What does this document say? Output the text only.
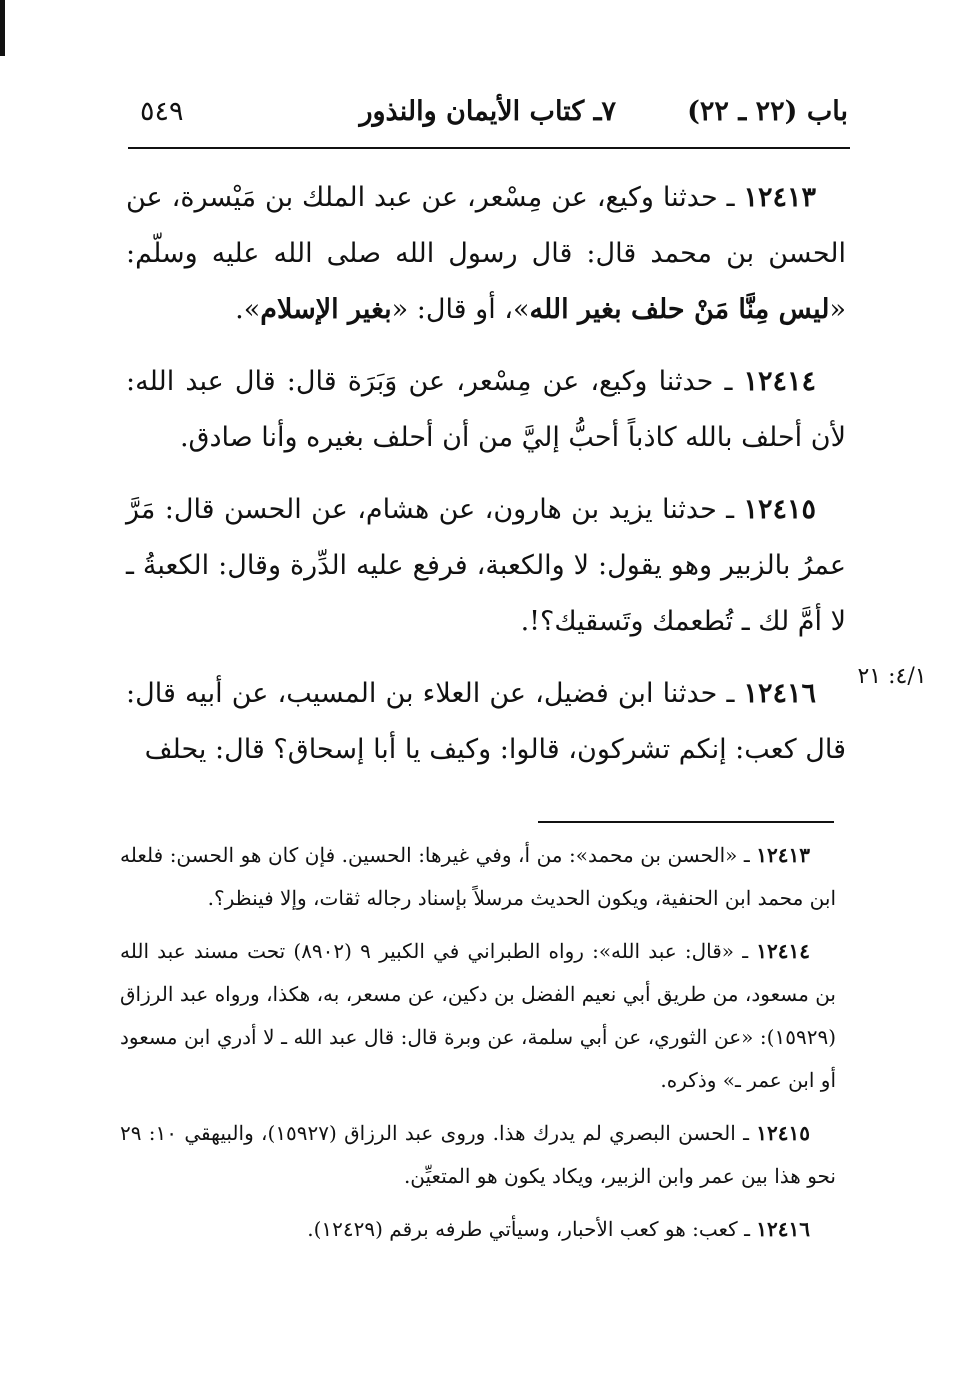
باب (٢٢ ـ ٢٢)
٧ـ كتاب الأيمان والنذور
٥٤٩

١٢٤١٣ ـ حدثنا وكيع، عن مِسْعر، عن عبد الملك بن مَيْسرة، عن الحسن بن محمد قال: قال رسول الله صلى الله عليه وسلّم: «ليس مِنَّا مَنْ حلف بغير الله»، أو قال: «بغير الإسلام».

١٢٤١٤ ـ حدثنا وكيع، عن مِسْعر، عن وَبَرَة قال: قال عبد الله: لأن أحلف بالله كاذباً أحبُّ إليَّ من أن أحلف بغيره وأنا صادق.

١٢٤١٥ ـ حدثنا يزيد بن هارون، عن هشام، عن الحسن قال: مَرَّ عمرُ بالزبير وهو يقول: لا والكعبة، فرفع عليه الدِّرة وقال: الكعبةُ ـ لا أمَّ لك ـ تُطعمك وتَسقيك؟!.

١٢٤١٦ ـ حدثنا ابن فضيل، عن العلاء بن المسيب، عن أبيه قال: قال كعب: إنكم تشركون، قالوا: وكيف يا أبا إسحاق؟ قال: يحلف

٤/١: ٢١

١٢٤١٣ ـ «الحسن بن محمد»: من أ، وفي غيرها: الحسين. فإن كان هو الحسن: فلعله ابن محمد ابن الحنفية، ويكون الحديث مرسلاً بإسناد رجاله ثقات، وإلا فينظر؟.

١٢٤١٤ ـ «قال: عبد الله»: رواه الطبراني في الكبير ٩ (٨٩٠٢) تحت مسند عبد الله بن مسعود، من طريق أبي نعيم الفضل بن دكين، عن مسعر، به، هكذا، ورواه عبد الرزاق (١٥٩٢٩): «عن الثوري، عن أبي سلمة، عن وبرة قال: قال عبد الله ـ لا أدري ابن مسعود أو ابن عمر ـ» وذكره.

١٢٤١٥ ـ الحسن البصري لم يدرك هذا. وروى عبد الرزاق (١٥٩٢٧)، والبيهقي ١٠: ٢٩ نحو هذا بين عمر وابن الزبير، ويكاد يكون هو المتعيِّن.

١٢٤١٦ ـ كعب: هو كعب الأحبار، وسيأتي طرفه برقم (١٢٤٢٩).
